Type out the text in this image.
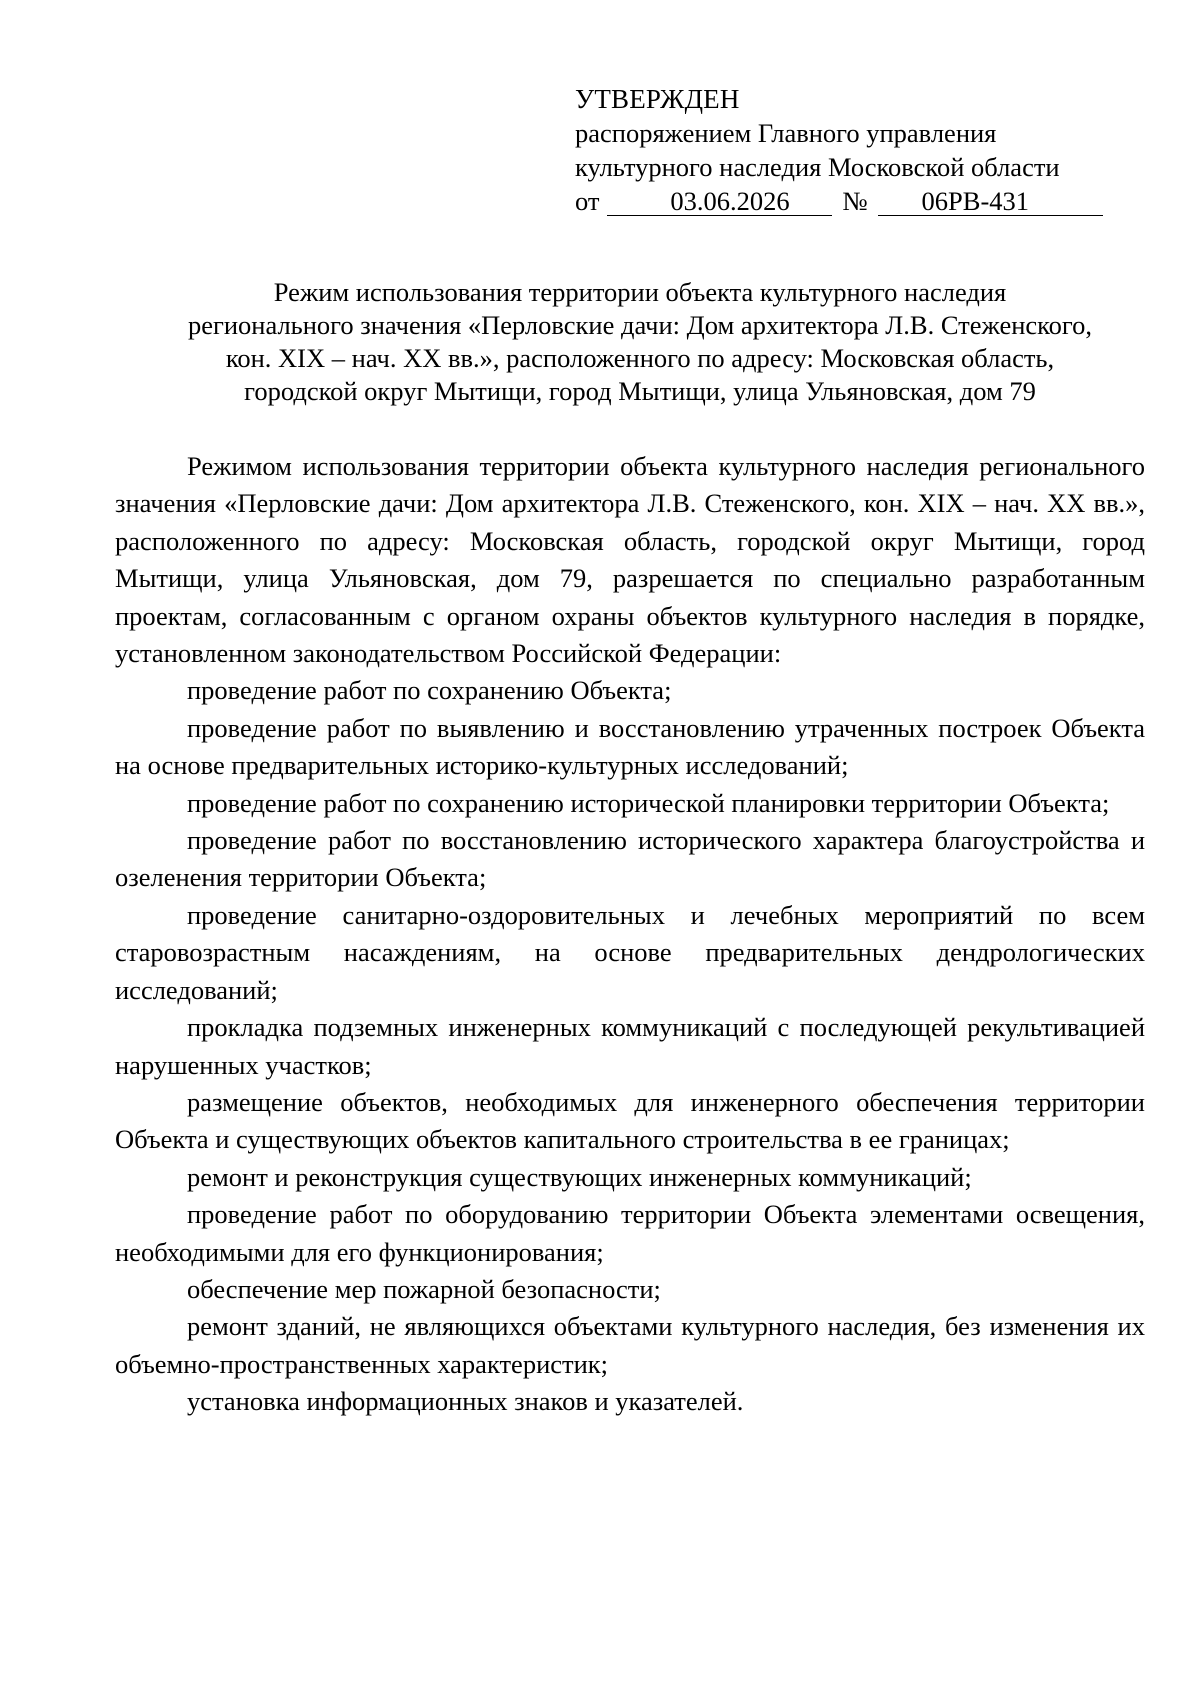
УТВЕРЖДЕН
распоряжением Главного управления
культурного наследия Московской области
от	03.06.2026	№	06РВ-431
Режим использования территории объекта культурного наследия
регионального значения «Перловские дачи: Дом архитектора Л.В. Стеженского,
кон. XIX – нач. XX вв.», расположенного по адресу: Московская область,
городской округ Мытищи, город Мытищи, улица Ульяновская, дом 79

Режимом использования территории объекта культурного наследия регионального значения «Перловские дачи: Дом архитектора Л.В. Стеженского, кон. XIX – нач. XX вв.», расположенного по адресу: Московская область, городской округ Мытищи, город Мытищи, улица Ульяновская, дом 79, разрешается по специально разработанным проектам, согласованным с органом охраны объектов культурного наследия в порядке, установленном законодательством Российской Федерации:

проведение работ по сохранению Объекта;

проведение работ по выявлению и восстановлению утраченных построек Объекта на основе предварительных историко-культурных исследований;

проведение работ по сохранению исторической планировки территории Объекта;

проведение работ по восстановлению исторического характера благоустройства и озеленения территории Объекта;

проведение санитарно-оздоровительных и лечебных мероприятий по всем старовозрастным насаждениям, на основе предварительных дендрологических исследований;

прокладка подземных инженерных коммуникаций с последующей рекультивацией нарушенных участков;

размещение объектов, необходимых для инженерного обеспечения территории Объекта и существующих объектов капитального строительства в ее границах;

ремонт и реконструкция существующих инженерных коммуникаций;

проведение работ по оборудованию территории Объекта элементами освещения, необходимыми для его функционирования;

обеспечение мер пожарной безопасности;

ремонт зданий, не являющихся объектами культурного наследия, без изменения их объемно-пространственных характеристик;

установка информационных знаков и указателей.
